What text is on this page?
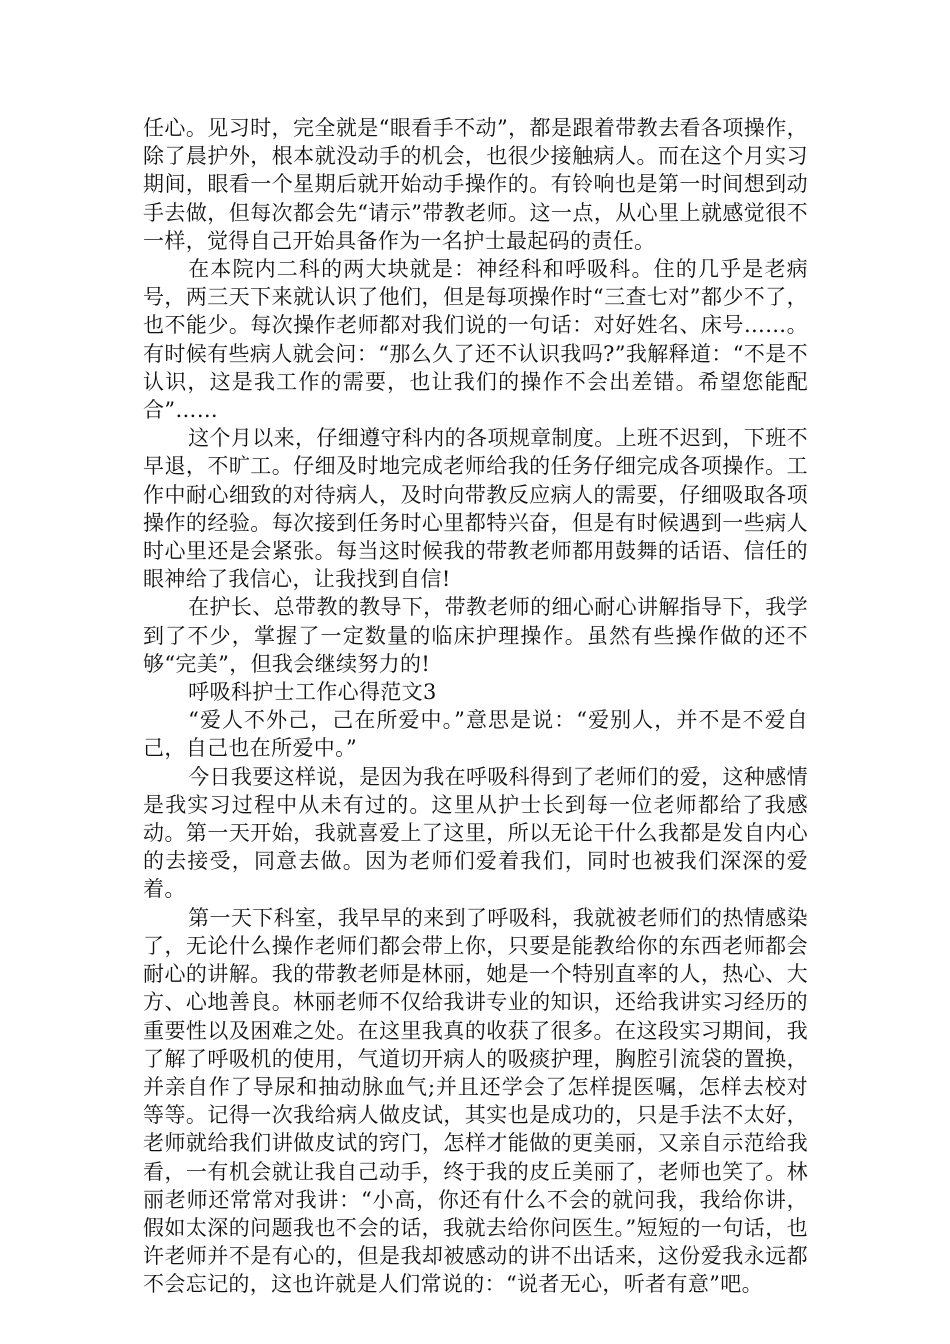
任心。见习时，完全就是“眼看手不动”，都是跟着带教去看各项操作，除了晨护外，根本就没动手的机会，也很少接触病人。而在这个月实习期间，眼看一个星期后就开始动手操作的。有铃响也是第一时间想到动手去做，但每次都会先“请示”带教老师。这一点，从心里上就感觉很不一样，觉得自己开始具备作为一名护士最起码的责任。

在本院内二科的两大块就是：神经科和呼吸科。住的几乎是老病号，两三天下来就认识了他们，但是每项操作时“三查七对”都少不了，也不能少。每次操作老师都对我们说的一句话：对好姓名、床号……。有时候有些病人就会问：“那么久了还不认识我吗?”我解释道：“不是不认识，这是我工作的需要，也让我们的操作不会出差错。希望您能配合”……

这个月以来，仔细遵守科内的各项规章制度。上班不迟到，下班不早退，不旷工。仔细及时地完成老师给我的任务仔细完成各项操作。工作中耐心细致的对待病人，及时向带教反应病人的需要，仔细吸取各项操作的经验。每次接到任务时心里都特兴奋，但是有时候遇到一些病人时心里还是会紧张。每当这时候我的带教老师都用鼓舞的话语、信任的眼神给了我信心，让我找到自信!

在护长、总带教的教导下，带教老师的细心耐心讲解指导下，我学到了不少，掌握了一定数量的临床护理操作。虽然有些操作做的还不够“完美”，但我会继续努力的!

呼吸科护士工作心得范文3

“爱人不外己，己在所爱中。”意思是说：“爱别人，并不是不爱自己，自己也在所爱中。”

今日我要这样说，是因为我在呼吸科得到了老师们的爱，这种感情是我实习过程中从未有过的。这里从护士长到每一位老师都给了我感动。第一天开始，我就喜爱上了这里，所以无论干什么我都是发自内心的去接受，同意去做。因为老师们爱着我们，同时也被我们深深的爱着。

第一天下科室，我早早的来到了呼吸科，我就被老师们的热情感染了，无论什么操作老师们都会带上你，只要是能教给你的东西老师都会耐心的讲解。我的带教老师是林丽，她是一个特别直率的人，热心、大方、心地善良。林丽老师不仅给我讲专业的知识，还给我讲实习经历的重要性以及困难之处。在这里我真的收获了很多。在这段实习期间，我了解了呼吸机的使用，气道切开病人的吸痰护理，胸腔引流袋的置换，并亲自作了导尿和抽动脉血气;并且还学会了怎样提医嘱，怎样去校对等等。记得一次我给病人做皮试，其实也是成功的，只是手法不太好，老师就给我们讲做皮试的窍门，怎样才能做的更美丽，又亲自示范给我看，一有机会就让我自己动手，终于我的皮丘美丽了，老师也笑了。林丽老师还常常对我讲：“小高，你还有什么不会的就问我，我给你讲，假如太深的问题我也不会的话，我就去给你问医生。”短短的一句话，也许老师并不是有心的，但是我却被感动的讲不出话来，这份爱我永远都不会忘记的，这也许就是人们常说的：“说者无心，听者有意”吧。
